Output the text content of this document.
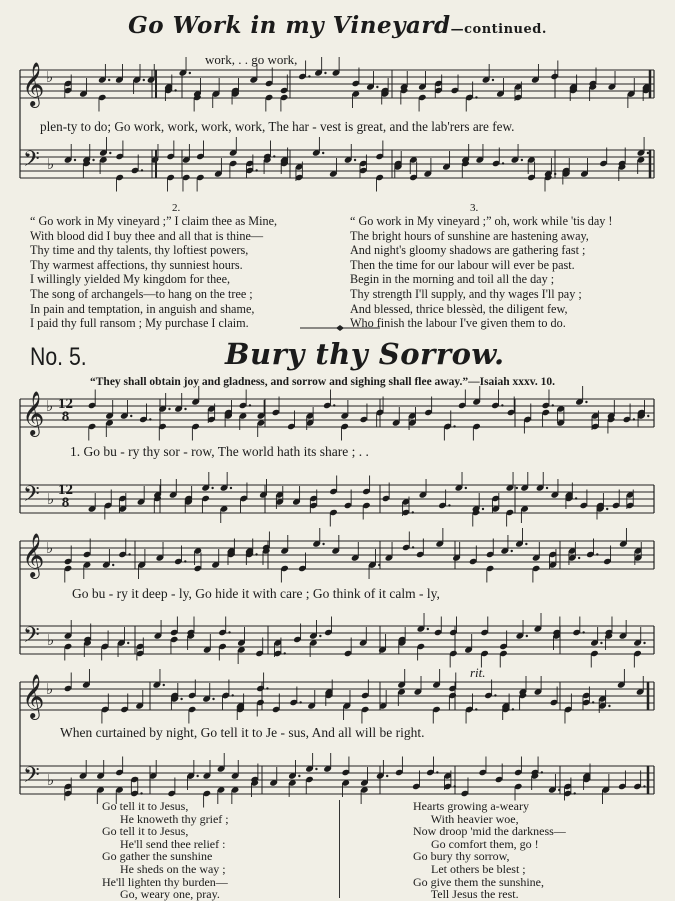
Go Work in my Vineyard—continued.
𝄞
𝄢
♭
♭
𝄞
𝄢
♭
♭
𝄞
𝄢
♭
♭
𝄞
𝄢
♭
♭
work, . . go work,
plen-ty to do; Go work, work, work, work, The har - vest is great, and the lab'rers are few.
2.
“ Go work in My vineyard ;” I claim thee as Mine,
With blood did I buy thee and all that is thine—
Thy time and thy talents, thy loftiest powers,
Thy warmest affections, thy sunniest hours.
I willingly yielded My kingdom for thee,
The song of archangels—to hang on the tree ;
In pain and temptation, in anguish and shame,
I paid thy full ransom ; My purchase I claim.
3.
“ Go work in My vineyard ;” oh, work while 'tis day !
The bright hours of sunshine are hastening away,
And night's gloomy shadows are gathering fast ;
Then the time for our labour will ever be past.
Begin in the morning and toil all the day ;
Thy strength I'll supply, and thy wages I'll pay ;
And blessed, thrice blessèd, the diligent few,
Who finish the labour I've given them to do.
No. 5.	Bury thy Sorrow.
“They shall obtain joy and gladness, and sorrow and sighing shall flee away.”—Isaiah xxxv. 10.
12
8
12
8
1. Go bu - ry thy sor - row, The world hath its share ; . .
Go bu - ry it deep - ly, Go hide it with care ; Go think of it calm - ly,
When curtained by night, Go tell it to Je - sus, And all will be right.
rit.
Go tell it to Jesus,
He knoweth thy grief ;
Go tell it to Jesus,
He'll send thee relief :
Go gather the sunshine
He sheds on the way ;
He'll lighten thy burden—
Go, weary one, pray.
Hearts growing a-weary
With heavier woe,
Now droop 'mid the darkness—
Go comfort them, go !
Go bury thy sorrow,
Let others be blest ;
Go give them the sunshine,
Tell Jesus the rest.
